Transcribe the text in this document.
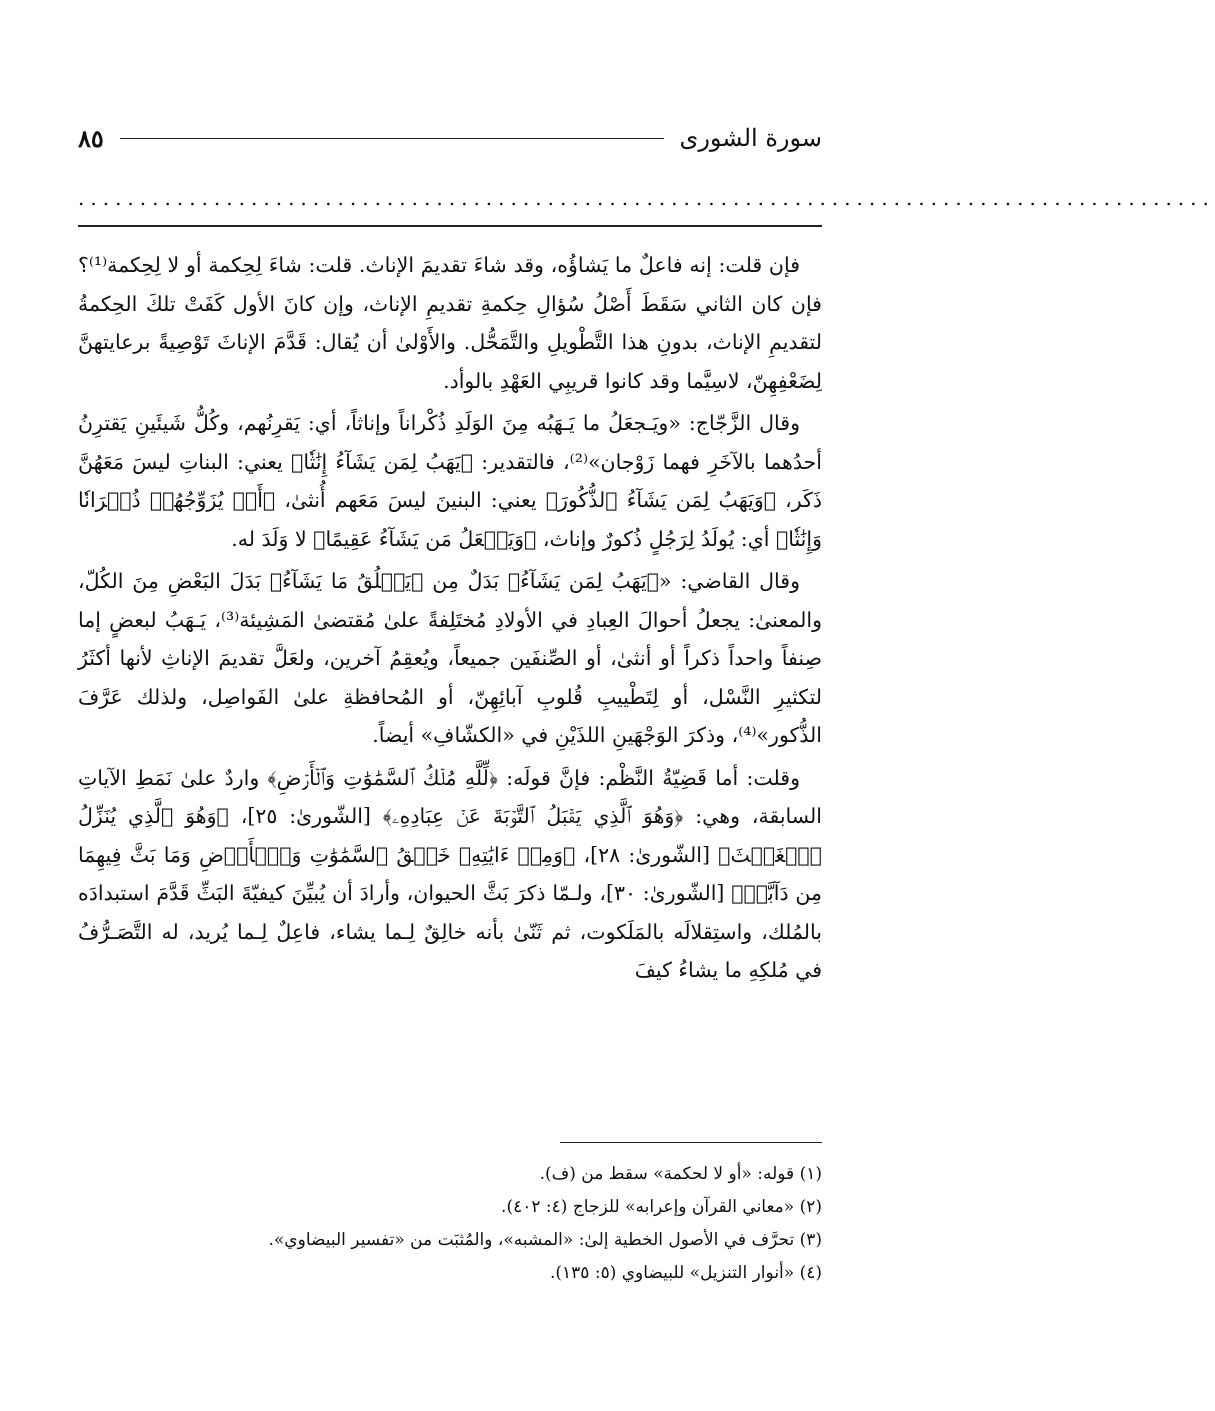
سورة الشورى
٨٥
............................................................................................

فإن قلت: إنه فاعلٌ ما يَشاؤُه، وقد شاءَ تقديمَ الإناث. قلت: شاءَ لِحِكمة أو لا لِحِكمة⁽¹⁾؟ فإن كان الثاني سَقَطَ أَصْلُ سُؤالِ حِكمةِ تقديمِ الإناث، وإن كانَ الأول كَفَتْ تلكَ الحِكمةُ لتقديمِ الإناث، بدونِ هذا التَّطْويلِ والتَّمَحُّل. والأَوْلىٰ أن يُقال: قَدَّمَ الإناثَ تَوْصِيةً برعايتهنَّ لِضَعْفِهِنّ، لاسِيَّما وقد كانوا قريبِي العَهْدِ بالوأد.

وقال الزَّجّاج: «ويَـجعَلُ ما يَـهَبُه مِنَ الوَلَدِ ذُكْراناً وإناثاً، أي: يَقرِنُهم، وكُلُّ شَيئَينِ يَقترِنُ أحدُهما بالآخَرِ فهما زَوْجان»⁽²⁾، فالتقدير: ﴿يَهَبُ لِمَن يَشَآءُ إِنَٰثٗا﴾ يعني: البناتِ ليسَ مَعَهُنَّ ذَكَر، ﴿وَيَهَبُ لِمَن يَشَآءُ ٱلذُّكُورَ﴾ يعني: البنينَ ليسَ مَعَهم أُنثىٰ، ﴿أَوۡ يُزَوِّجُهُمۡ ذُكۡرَانٗا وَإِنَٰثٗا﴾ أي: يُولَدُ لِرَجُلٍ ذُكورٌ وإناث، ﴿وَيَجۡعَلُ مَن يَشَآءُ عَقِيمًا﴾ لا وَلَدَ له.

وقال القاضي: «﴿يَهَبُ لِمَن يَشَآءُ﴾ بَدَلٌ مِن ﴿يَخۡلُقُ مَا يَشَآءُ﴾ بَدَلَ البَعْضِ مِنَ الكُلّ، والمعنىٰ: يجعلُ أحوالَ العِبادِ في الأولادِ مُختَلِفةً علىٰ مُقتضىٰ المَشِيئة⁽³⁾، يَـهَبُ لبعضٍ إما صِنفاً واحداً ذكراً أو أنثىٰ، أو الصِّنفَين جميعاً، ويُعقِمُ آخرين، ولعَلَّ تقديمَ الإناثِ لأنها أكثَرُ لتكثيرِ النَّسْل، أو لِتَطْييبِ قُلوبِ آبائِهِنّ، أو المُحافظةِ علىٰ الفَواصِل، ولذلك عَرَّفَ الذُّكور»⁽⁴⁾، وذكرَ الوَجْهَينِ اللذَيْنِ في «الكشّافِ» أيضاً.

وقلت: أما قَضِيّةُ النَّظْم: فإنَّ قولَه: ﴿لِّلَّهِ مُلۡكُ ٱلسَّمَٰوَٰتِ وَٱلۡأَرۡضِ﴾ واردٌ علىٰ نَمَطِ الآياتِ السابقة، وهي: ﴿وَهُوَ ٱلَّذِي يَقۡبَلُ ٱلتَّوۡبَةَ عَنۡ عِبَادِهِۦ﴾ [الشّورىٰ: ٢٥]، ﴿وَهُوَ ٱلَّذِي يُنَزِّلُ ٱلۡغَيۡثَ﴾ [الشّورىٰ: ٢٨]، ﴿وَمِنۡ ءَايَٰتِهِۦ خَلۡقُ ٱلسَّمَٰوَٰتِ وَٱلۡأَرۡضِ وَمَا بَثَّ فِيهِمَا مِن دَآبَّةٖ﴾ [الشّورىٰ: ٣٠]، ولـمّا ذكرَ بَثَّ الحيوان، وأرادَ أن يُبيِّنَ كيفيّةَ البَثِّ قَدَّمَ استبدادَه بالمُلك، واستِقلالَه بالمَلَكوت، ثم ثَنّىٰ بأنه خالِقٌ لِـما يشاء، فاعِلٌ لِـما يُريد، له التَّصَـرُّفُ في مُلكِهِ ما يشاءُ كيفَ

(١) قوله: «أو لا لحكمة» سقط من (ف).

(٢) «معاني القرآن وإعرابه» للزجاج (٤: ٤٠٢).

(٣) تحرَّف في الأصول الخطية إلىٰ: «المشبه»، والمُثبَت من «تفسير البيضاوي».

(٤) «أنوار التنزيل» للبيضاوي (٥: ١٣٥).
